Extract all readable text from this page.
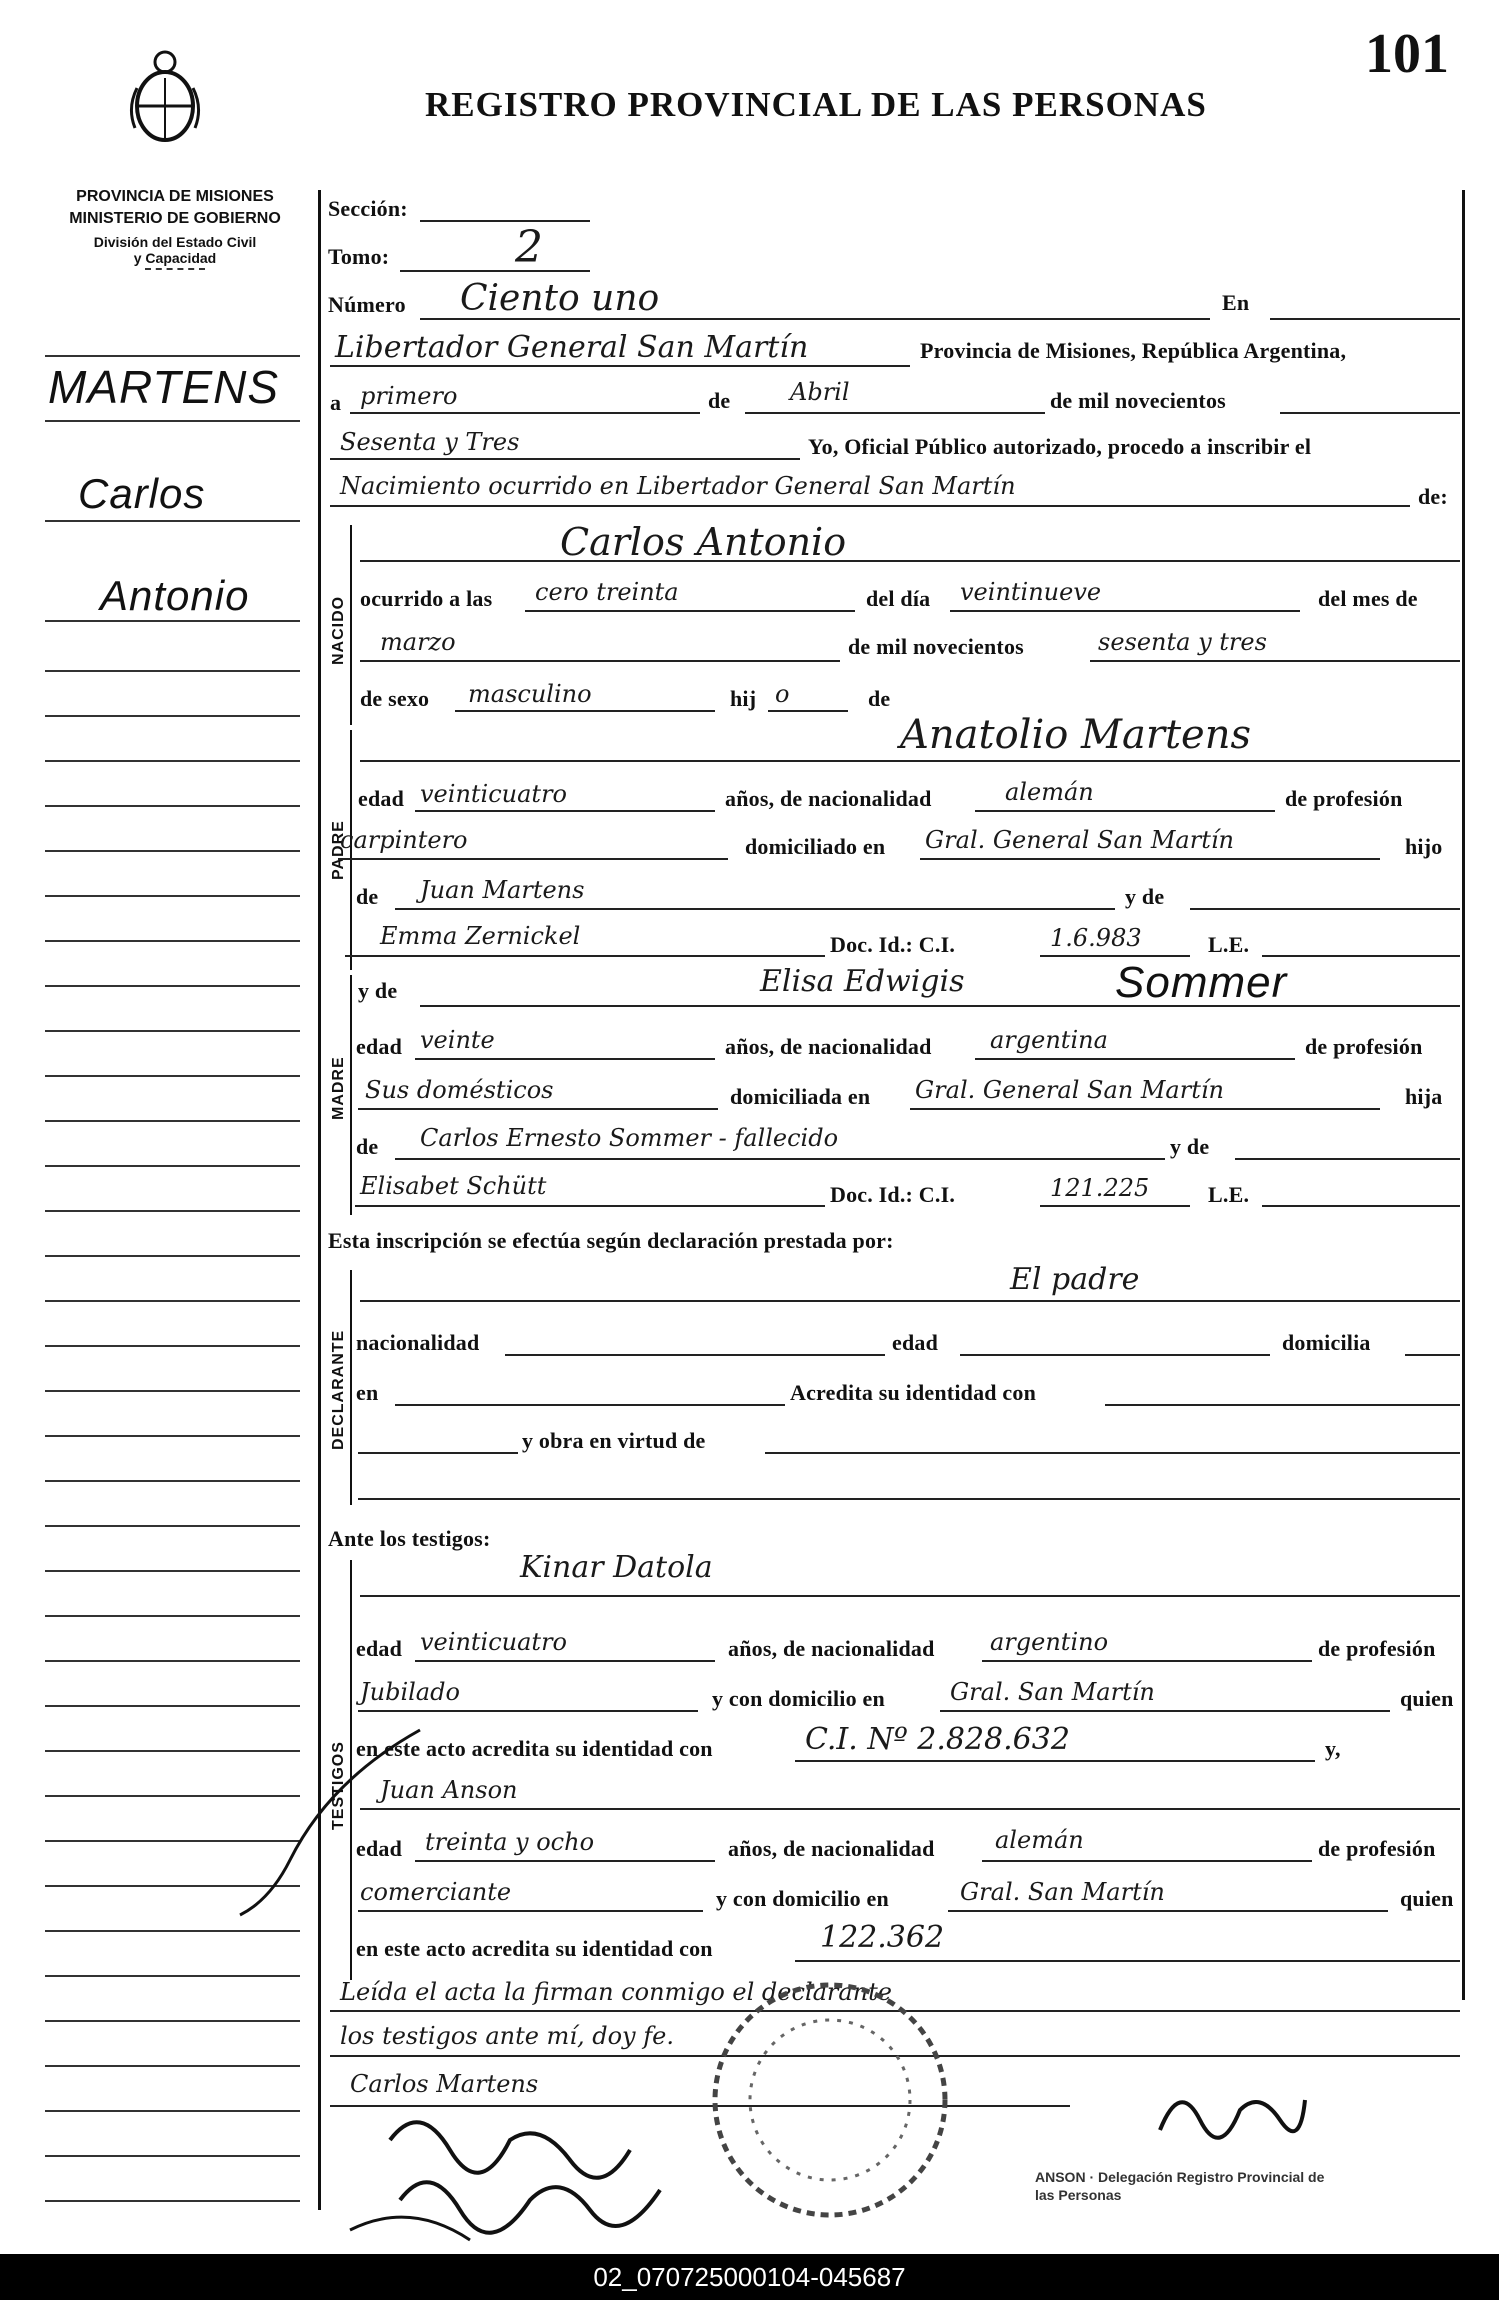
101
REGISTRO PROVINCIAL DE LAS PERSONAS
PROVINCIA DE MISIONES
MINISTERIO DE GOBIERNO
División del Estado Civil
y Capacidad
MARTENS
Carlos
Antonio
Sección:
Tomo:	2
Número Ciento uno	En
Libertador General San Martín	Provincia de Misiones, República Argentina,
a primero	de Abril	de mil novecientos
Sesenta y Tres	Yo, Oficial Público autorizado, procedo a inscribir el
Nacimiento ocurrido en Libertador General San Martín	de:
NACIDO
Carlos Antonio
ocurrido a las cero treinta	del día veintinueve	del mes de
marzo	de mil novecientos	sesenta y tres
de sexo masculino	hij o	de
PADRE
Anatolio Martens
edad veinticuatro	años, de nacionalidad	alemán	de profesión
carpintero	domiciliado en Gral. General San Martín	hijo
de Juan Martens	y de
Emma Zernickel	Doc. Id.: C.I.	1.6.983	L.E.
MADRE
y de	Elisa Edwigis	Sommer
edad veinte	años, de nacionalidad argentina	de profesión
Sus domésticos	domiciliada en Gral. General San Martín	hija
de Carlos Ernesto Sommer - fallecido	y de
Elisabet Schütt	Doc. Id.: C.I.	121.225	L.E.
Esta inscripción se efectúa según declaración prestada por:
DECLARANTE
El padre
nacionalidad	edad	domicilia
en	Acredita su identidad con
y obra en virtud de
Ante los testigos:
TESTIGOS
Kinar Datola
edad veinticuatro	años, de nacionalidad argentino	de profesión
Jubilado	y con domicilio en	Gral. San Martín	quien
en este acto acredita su identidad con	C.I. Nº 2.828.632	y,
Juan Anson
edad treinta y ocho	años, de nacionalidad	alemán	de profesión
comerciante	y con domicilio en	Gral. San Martín	quien
en este acto acredita su identidad con	122.362
Leída el acta la firman conmigo el declarante
los testigos ante mí, doy fe.
Carlos Martens
ANSON · Delegación Registro Provincial de las Personas
02_070725000104-045687
